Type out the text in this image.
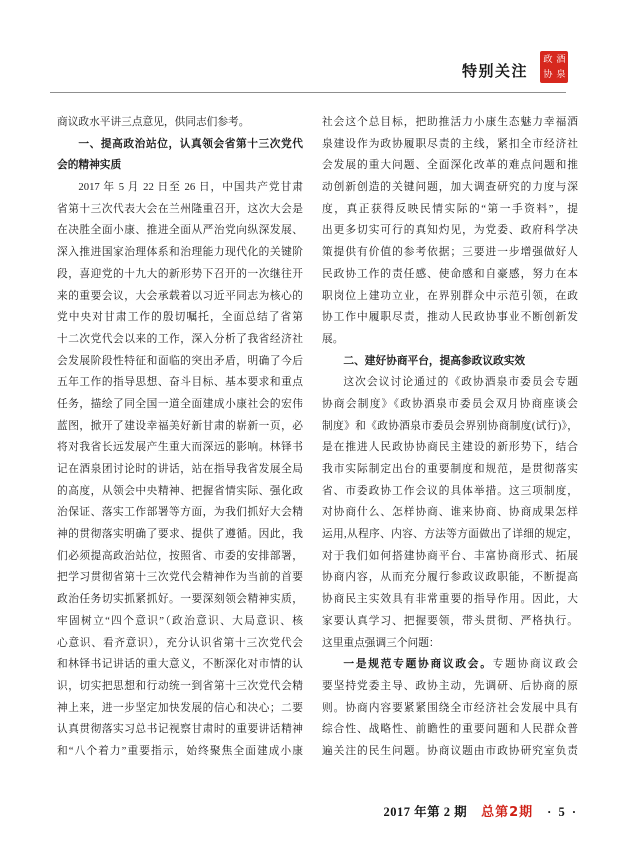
特别关注
政 酒
协 泉
商议政水平讲三点意见，供同志们参考。
一、提高政治站位，认真领会省第十三次党代
会的精神实质
2017 年 5 月 22 日至 26 日，中国共产党甘肃
省第十三次代表大会在兰州隆重召开，这次大会是
在决胜全面小康、推进全面从严治党向纵深发展、
深入推进国家治理体系和治理能力现代化的关键阶
段，喜迎党的十九大的新形势下召开的一次继往开
来的重要会议，大会承载着以习近平同志为核心的
党中央对甘肃工作的殷切嘱托，全面总结了省第
十二次党代会以来的工作，深入分析了我省经济社
会发展阶段性特征和面临的突出矛盾，明确了今后
五年工作的指导思想、奋斗目标、基本要求和重点
任务，描绘了同全国一道全面建成小康社会的宏伟
蓝图，掀开了建设幸福美好新甘肃的崭新一页，必
将对我省长远发展产生重大而深远的影响。林铎书
记在酒泉团讨论时的讲话，站在指导我省发展全局
的高度，从领会中央精神、把握省情实际、强化政
治保证、落实工作部署等方面，为我们抓好大会精
神的贯彻落实明确了要求、提供了遵循。因此，我
们必须提高政治站位，按照省、市委的安排部署，
把学习贯彻省第十三次党代会精神作为当前的首要
政治任务切实抓紧抓好。一要深刻领会精神实质，
牢固树立“四个意识”（政治意识、大局意识、核
心意识、看齐意识），充分认识省第十三次党代会
和林铎书记讲话的重大意义，不断深化对市情的认
识，切实把思想和行动统一到省第十三次党代会精
神上来，进一步坚定加快发展的信心和决心；二要
认真贯彻落实习总书记视察甘肃时的重要讲话精神
和“八个着力”重要指示，始终聚焦全面建成小康
社会这个总目标，把助推活力小康生态魅力幸福酒
泉建设作为政协履职尽责的主线，紧扣全市经济社
会发展的重大问题、全面深化改革的难点问题和推
动创新创造的关键问题，加大调查研究的力度与深
度，真正获得反映民情实际的“第一手资料”，提
出更多切实可行的真知灼见，为党委、政府科学决
策提供有价值的参考依据；三要进一步增强做好人
民政协工作的责任感、使命感和自豪感，努力在本
职岗位上建功立业，在界别群众中示范引领，在政
协工作中履职尽责，推动人民政协事业不断创新发
展。
二、建好协商平台，提高参政议政实效
这次会议讨论通过的《政协酒泉市委员会专题
协商会制度》《政协酒泉市委员会双月协商座谈会
制度》和《政协酒泉市委员会界别协商制度(试行)》，
是在推进人民政协协商民主建设的新形势下，结合
我市实际制定出台的重要制度和规范，是贯彻落实
省、市委政协工作会议的具体举措。这三项制度，
对协商什么、怎样协商、谁来协商、协商成果怎样
运用,从程序、内容、方法等方面做出了详细的规定，
对于我们如何搭建协商平台、丰富协商形式、拓展
协商内容，从而充分履行参政议政职能，不断提高
协商民主实效具有非常重要的指导作用。因此，大
家要认真学习、把握要领，带头贯彻、严格执行。
这里重点强调三个问题：
一是规范专题协商议政会。专题协商议政会
要坚持党委主导、政协主动，先调研、后协商的原
则。协商内容要紧紧围绕全市经济社会发展中具有
综合性、战略性、前瞻性的重要问题和人民群众普
遍关注的民生问题。协商议题由市政协研究室负责
2017 年第 2 期 总第2期 · 5 ·
